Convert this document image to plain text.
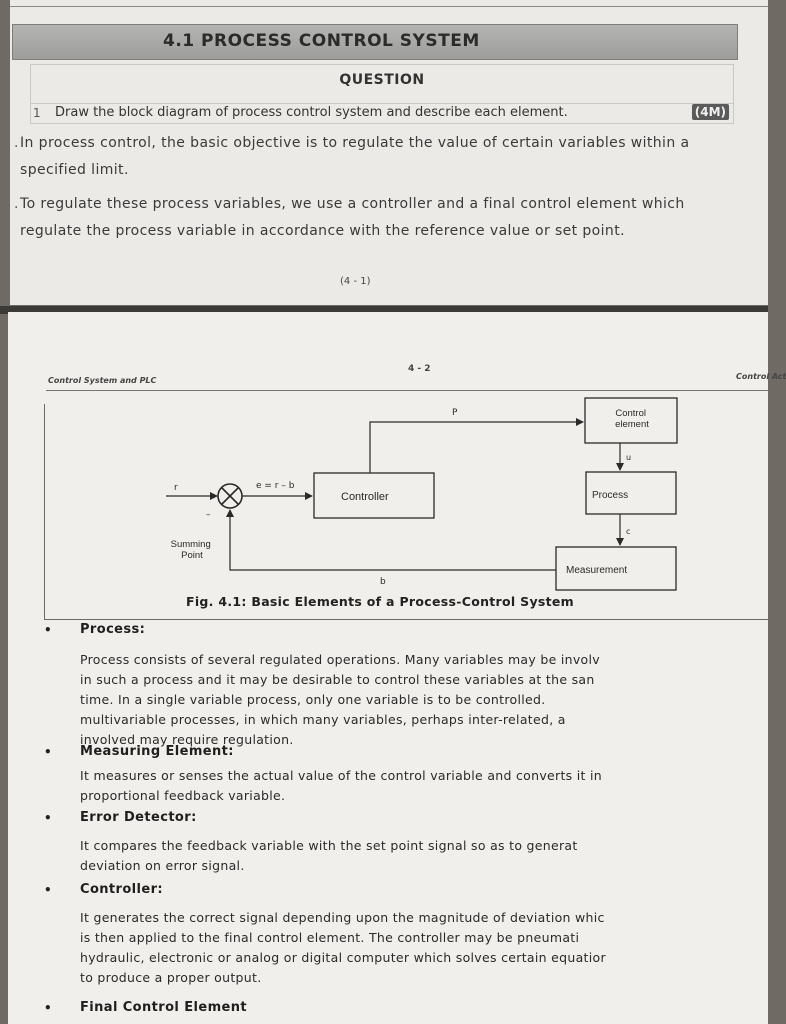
4.1 PROCESS CONTROL SYSTEM
QUESTION
1 Draw the block diagram of process control system and describe each element.	(4M)
. In process control, the basic objective is to regulate the value of certain variables within a specified limit.
. To regulate these process variables, we use a controller and a final control element which regulate the process variable in accordance with the reference value or set point.
(4 - 1)
Control System and PLC
4 - 2
Control Act
r	e = r – b
–
P
u
c
b
Controller	Process
Measurement
Control element
Summing Point
Fig. 4.1: Basic Elements of a Process-Control System
• Process:
Process consists of several regulated operations. Many variables may be involv
in such a process and it may be desirable to control these variables at the san
time. In a single variable process, only one variable is to be controlled.
multivariable processes, in which many variables, perhaps inter-related, a
involved may require regulation.
• Measuring Element:
It measures or senses the actual value of the control variable and converts it in
proportional feedback variable.
• Error Detector:
It compares the feedback variable with the set point signal so as to generat
deviation on error signal.
• Controller:
It generates the correct signal depending upon the magnitude of deviation whic
is then applied to the final control element. The controller may be pneumati
hydraulic, electronic or analog or digital computer which solves certain equatior
to produce a proper output.
• Final Control Element
